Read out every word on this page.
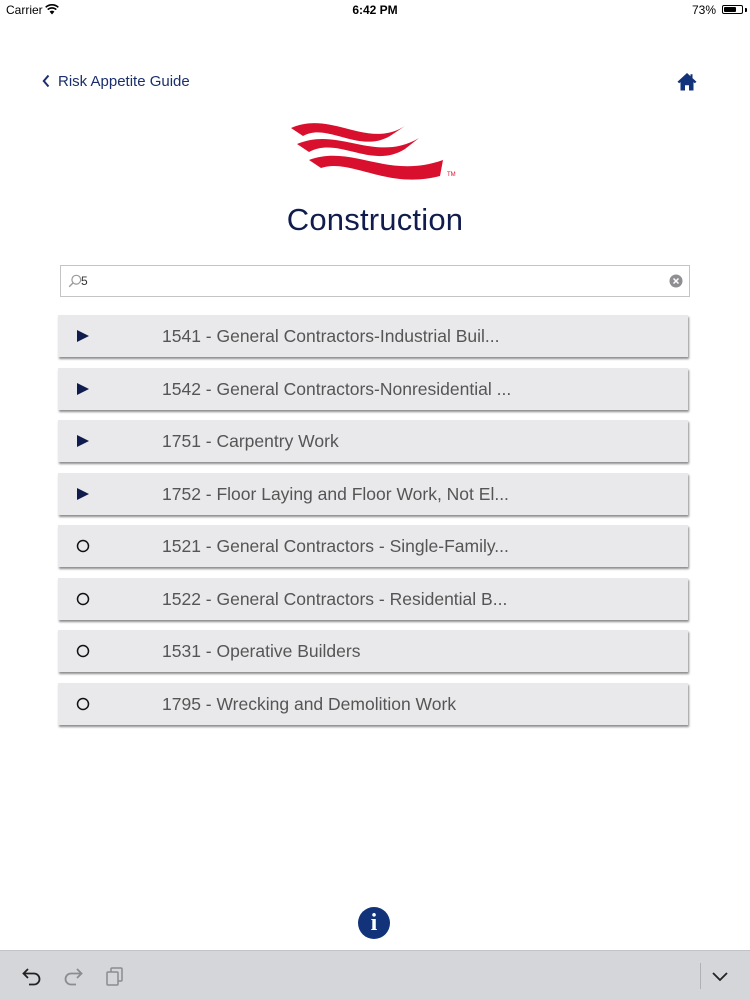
Carrier	6:42 PM	73%
Risk Appetite Guide
TM
Construction
5
1541 - General Contractors-Industrial Buil...
1542 - General Contractors-Nonresidential ...
1751 - Carpentry Work
1752 - Floor Laying and Floor Work, Not El...
1521 - General Contractors - Single-Family...
1522 - General Contractors - Residential B...
1531 - Operative Builders
1795 - Wrecking and Demolition Work
i
